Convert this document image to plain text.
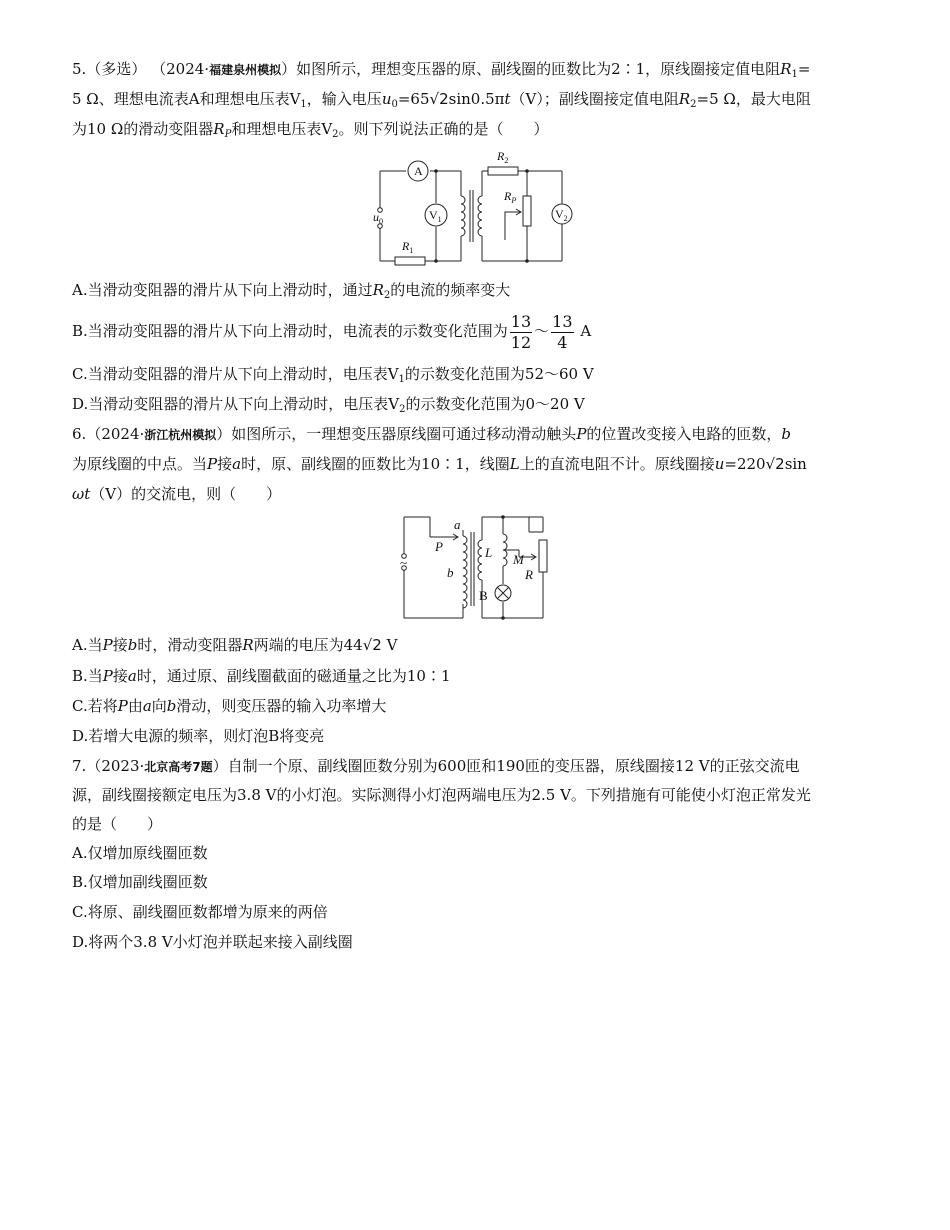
5.（多选） （2024·福建泉州模拟）如图所示，理想变压器的原、副线圈的匝数比为2∶1，原线圈接定值电阻$R_1=$
5 Ω、理想电流表A和理想电压表$V_1$，输入电压$u_0=65√2\sin 0.5\pi t(V)$；副线圈接定值电阻$R_2=5$ Ω，最大电阻
为10 Ω的滑动变阻器$R_P$和理想电压表$V_2$。则下列说法正确的是（　　）
A
$V_1$	$V_2$
$u_0$
$R_1$
$R_2$
$R_P$
A.当滑动变阻器的滑片从下向上滑动时，通过$R_2$的电流的频率变大
B.当滑动变阻器的滑片从下向上滑动时，电流表的示数变化范围为 $\frac{13}{12}$ ～ $\frac{13}{4}$ A
C.当滑动变阻器的滑片从下向上滑动时，电压表$V_1$的示数变化范围为52～60 V
D.当滑动变阻器的滑片从下向上滑动时，电压表$V_2$的示数变化范围为0～20 V
6.（2024·浙江杭州模拟）如图所示，一理想变压器原线圈可通过移动滑动触头P的位置改变接入电路的匝数，b
为原线圈的中点。当P接a时，原、副线圈的匝数比为10∶1，线圈L上的直流电阻不计。原线圈接u=220√2sin
ωt（V）的交流电，则（　　）
a
P
b
L M
R
B
~
A.当P接b时，滑动变阻器R两端的电压为44√2 V
B.当P接a时，通过原、副线圈截面的磁通量之比为10∶1
C.若将P由a向b滑动，则变压器的输入功率增大
D.若增大电源的频率，则灯泡B将变亮
7.（2023·北京高考7题）自制一个原、副线圈匝数分别为600匝和190匝的变压器，原线圈接12 V的正弦交流电
源，副线圈接额定电压为3.8 V的小灯泡。实际测得小灯泡两端电压为2.5 V。下列措施有可能使小灯泡正常发光
的是（　　）
A.仅增加原线圈匝数
B.仅增加副线圈匝数
C.将原、副线圈匝数都增为原来的两倍
D.将两个3.8 V小灯泡并联起来接入副线圈
